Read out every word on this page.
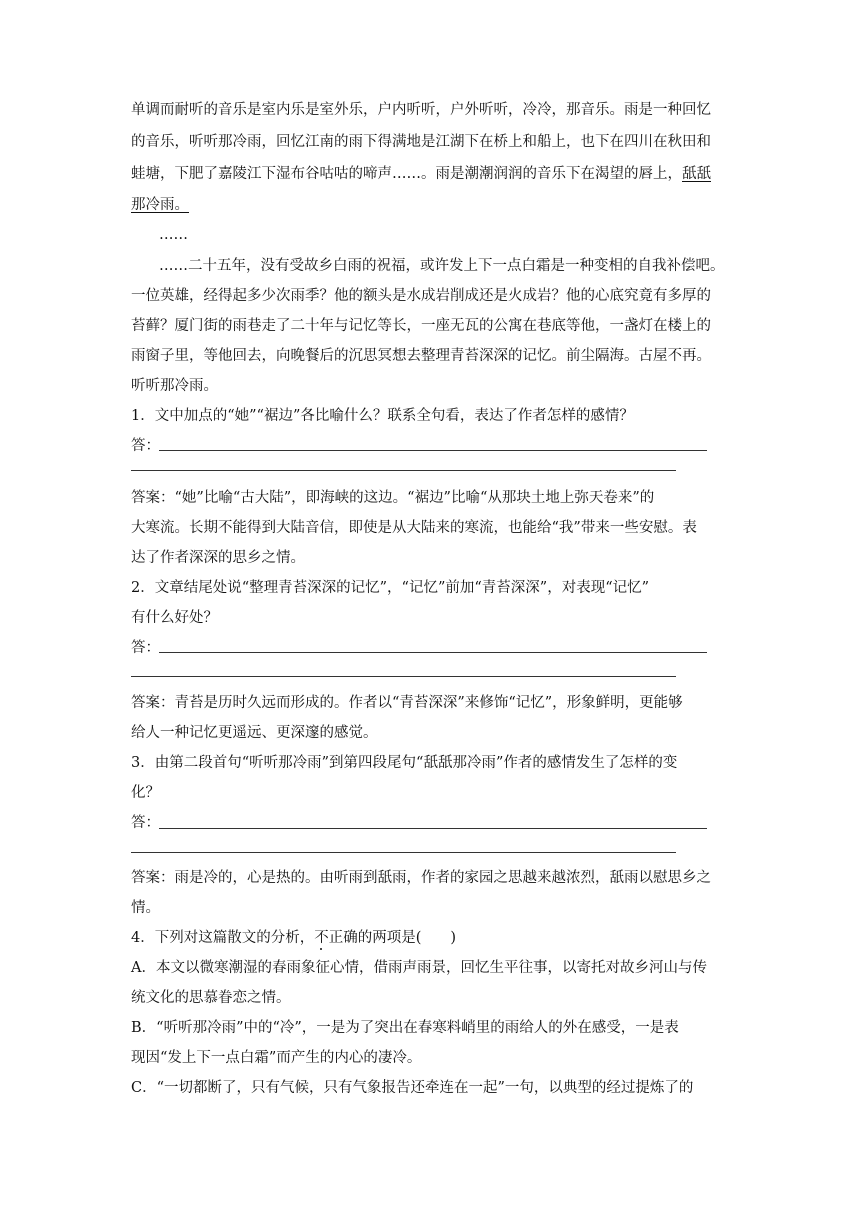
单调而耐听的音乐是室内乐是室外乐，户内听听，户外听听，冷冷，那音乐。雨是一种回忆
的音乐，听听那冷雨，回忆江南的雨下得满地是江湖下在桥上和船上，也下在四川在秋田和
蛙塘，下肥了嘉陵江下湿布谷咕咕的啼声……。雨是潮潮润润的音乐下在渴望的唇上，舐舐
那冷雨。
……
……二十五年，没有受故乡白雨的祝福，或许发上下一点白霜是一种变相的自我补偿吧。
一位英雄，经得起多少次雨季？他的额头是水成岩削成还是火成岩？他的心底究竟有多厚的
苔藓？厦门街的雨巷走了二十年与记忆等长，一座无瓦的公寓在巷底等他，一盏灯在楼上的
雨窗子里，等他回去，向晚餐后的沉思冥想去整理青苔深深的记忆。前尘隔海。古屋不再。
听听那冷雨。
1．文中加点的“她”“裾边”各比喻什么？联系全句看，表达了作者怎样的感情？
答：
答案：“她”比喻“古大陆”，即海峡的这边。“裾边”比喻“从那块土地上弥天卷来”的
大寒流。长期不能得到大陆音信，即使是从大陆来的寒流，也能给“我”带来一些安慰。表
达了作者深深的思乡之情。
2．文章结尾处说“整理青苔深深的记忆”，“记忆”前加“青苔深深”，对表现“记忆”
有什么好处？
答：
答案：青苔是历时久远而形成的。作者以“青苔深深”来修饰“记忆”，形象鲜明，更能够
给人一种记忆更遥远、更深邃的感觉。
3．由第二段首句“听听那冷雨”到第四段尾句“舐舐那冷雨”作者的感情发生了怎样的变
化？
答：
答案：雨是冷的，心是热的。由听雨到舐雨，作者的家园之思越来越浓烈，舐雨以慰思乡之
情。
4．下列对这篇散文的分析，不正确的两项是(　　)
A．本文以微寒潮湿的春雨象征心情，借雨声雨景，回忆生平往事，以寄托对故乡河山与传
统文化的思慕眷恋之情。
B．“听听那冷雨”中的“冷”，一是为了突出在春寒料峭里的雨给人的外在感受，一是表
现因“发上下一点白霜”而产生的内心的凄冷。
C．“一切都断了，只有气候，只有气象报告还牵连在一起”一句，以典型的经过提炼了的
